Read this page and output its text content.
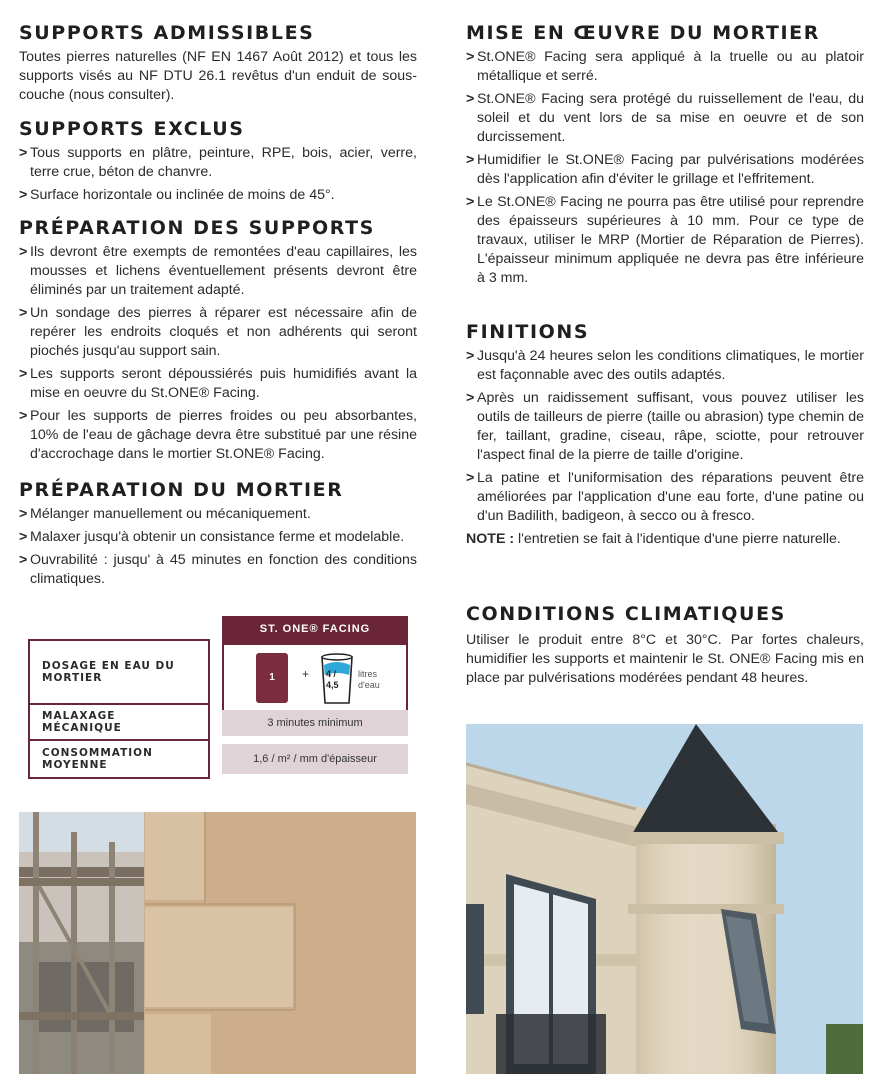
SUPPORTS ADMISSIBLES

Toutes pierres naturelles (NF EN 1467 Août 2012) et tous les supports visés au NF DTU 26.1 revêtus d'un enduit de sous-couche (nous consulter).

SUPPORTS EXCLUS
> Tous supports en plâtre, peinture, RPE, bois, acier, verre, terre crue, béton de chanvre.
> Surface horizontale ou inclinée de moins de 45°.
PRÉPARATION DES SUPPORTS
> Ils devront être exempts de remontées d'eau capillaires, les mousses et lichens éventuellement présents devront être éliminés par un traitement adapté.
> Un sondage des pierres à réparer est nécessaire afin de repérer les endroits cloqués et non adhérents qui seront piochés jusqu'au support sain.
> Les supports seront dépoussiérés puis humidifiés avant la mise en oeuvre du St.ONE® Facing.
> Pour les supports de pierres froides ou peu absorbantes, 10% de l'eau de gâchage devra être substitué par une résine d'accrochage dans le mortier St.ONE® Facing.
PRÉPARATION DU MORTIER
> Mélanger manuellement ou mécaniquement.
> Malaxer jusqu'à obtenir un consistance ferme et modelable.
> Ouvrabilité : jusqu' à 45 minutes en fonction des conditions climatiques.
ST. ONE® FACING
1	+ 4 /
4,5
litres
d'eau
DOSAGE EN EAU DU MORTIER
MALAXAGE MÉCANIQUE
CONSOMMATION MOYENNE
3 minutes minimum
1,6 / m² / mm d'épaisseur
MISE EN ŒUVRE DU MORTIER
> St.ONE® Facing sera appliqué à la truelle ou au platoir métallique et serré.
> St.ONE® Facing sera protégé du ruissellement de l'eau, du soleil et du vent lors de sa mise en oeuvre et de son durcissement.
> Humidifier le St.ONE® Facing par pulvérisations modérées dès l'application afin d'éviter le grillage et l'effritement.
> Le St.ONE® Facing ne pourra pas être utilisé pour reprendre des épaisseurs supérieures à 10 mm. Pour ce type de travaux, utiliser le MRP (Mortier de Réparation de Pierres). L'épaisseur minimum appliquée ne devra pas être inférieure à 3 mm.
FINITIONS
> Jusqu'à 24 heures selon les conditions climatiques, le mortier est façonnable avec des outils adaptés.
> Après un raidissement suffisant, vous pouvez utiliser les outils de tailleurs de pierre (taille ou abrasion) type chemin de fer, taillant, gradine, ciseau, râpe, sciotte, pour retrouver l'aspect final de la pierre de taille d'origine.
> La patine et l'uniformisation des réparations peuvent être améliorées par l'application d'une eau forte, d'une patine ou d'un Badilith, badigeon, à secco ou à fresco.

NOTE : l'entretien se fait à l'identique d'une pierre naturelle.

CONDITIONS CLIMATIQUES

Utiliser le produit entre 8°C et 30°C. Par fortes chaleurs, humidifier les supports et maintenir le St. ONE® Facing mis en place par pulvérisations modérées pendant 48 heures.
